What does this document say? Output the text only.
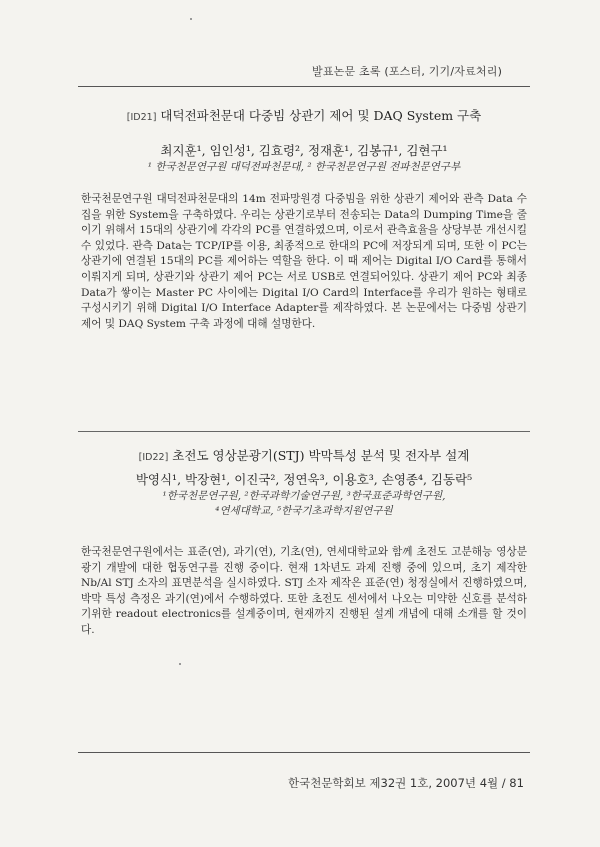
발표논문 초록 (포스터, 기기/자료처리)
[ID21] 대덕전파천문대 다중빔 상관기 제어 및 DAQ System 구축
최지훈¹, 임인성¹, 김효령², 정재훈¹, 김봉규¹, 김현구¹
¹ 한국천문연구원 대덕전파천문대, ² 한국천문연구원 전파천문연구부
한국천문연구원 대덕전파천문대의 14m 전파망원경 다중빔을 위한 상관기 제어와 관측 Data 수집을 위한 System을 구축하였다. 우리는 상관기로부터 전송되는 Data의 Dumping Time을 줄이기 위해서 15대의 상관기에 각각의 PC를 연결하였으며, 이로서 관측효율을 상당부분 개선시킬 수 있었다. 관측 Data는 TCP/IP를 이용, 최종적으로 한대의 PC에 저장되게 되며, 또한 이 PC는 상관기에 연결된 15대의 PC를 제어하는 역할을 한다. 이 때 제어는 Digital I/O Card를 통해서 이뤄지게 되며, 상관기와 상관기 제어 PC는 서로 USB로 연결되어있다. 상관기 제어 PC와 최종 Data가 쌓이는 Master PC 사이에는 Digital I/O Card의 Interface를 우리가 원하는 형태로 구성시키기 위해 Digital I/O Interface Adapter를 제작하였다. 본 논문에서는 다중빔 상관기 제어 및 DAQ System 구축 과정에 대해 설명한다.
[ID22] 초전도 영상분광기(STJ) 박막특성 분석 및 전자부 설계
박영식¹, 박장현¹, 이진국², 정연욱³, 이용호³, 손영종⁴, 김동락⁵
¹한국천문연구원, ²한국과학기술연구원, ³한국표준과학연구원,
⁴연세대학교, ⁵한국기초과학지원연구원
한국천문연구원에서는 표준(연), 과기(연), 기초(연), 연세대학교와 함께 초전도 고분해능 영상분광기 개발에 대한 협동연구를 진행 중이다. 현재 1차년도 과제 진행 중에 있으며, 초기 제작한 Nb/Al STJ 소자의 표면분석을 실시하였다. STJ 소자 제작은 표준(연) 청정실에서 진행하였으며, 박막 특성 측정은 과기(연)에서 수행하였다. 또한 초전도 센서에서 나오는 미약한 신호를 분석하기위한 readout electronics를 설계중이며, 현재까지 진행된 설계 개념에 대해 소개를 할 것이다.
한국천문학회보 제32권 1호, 2007년 4월 / 81
